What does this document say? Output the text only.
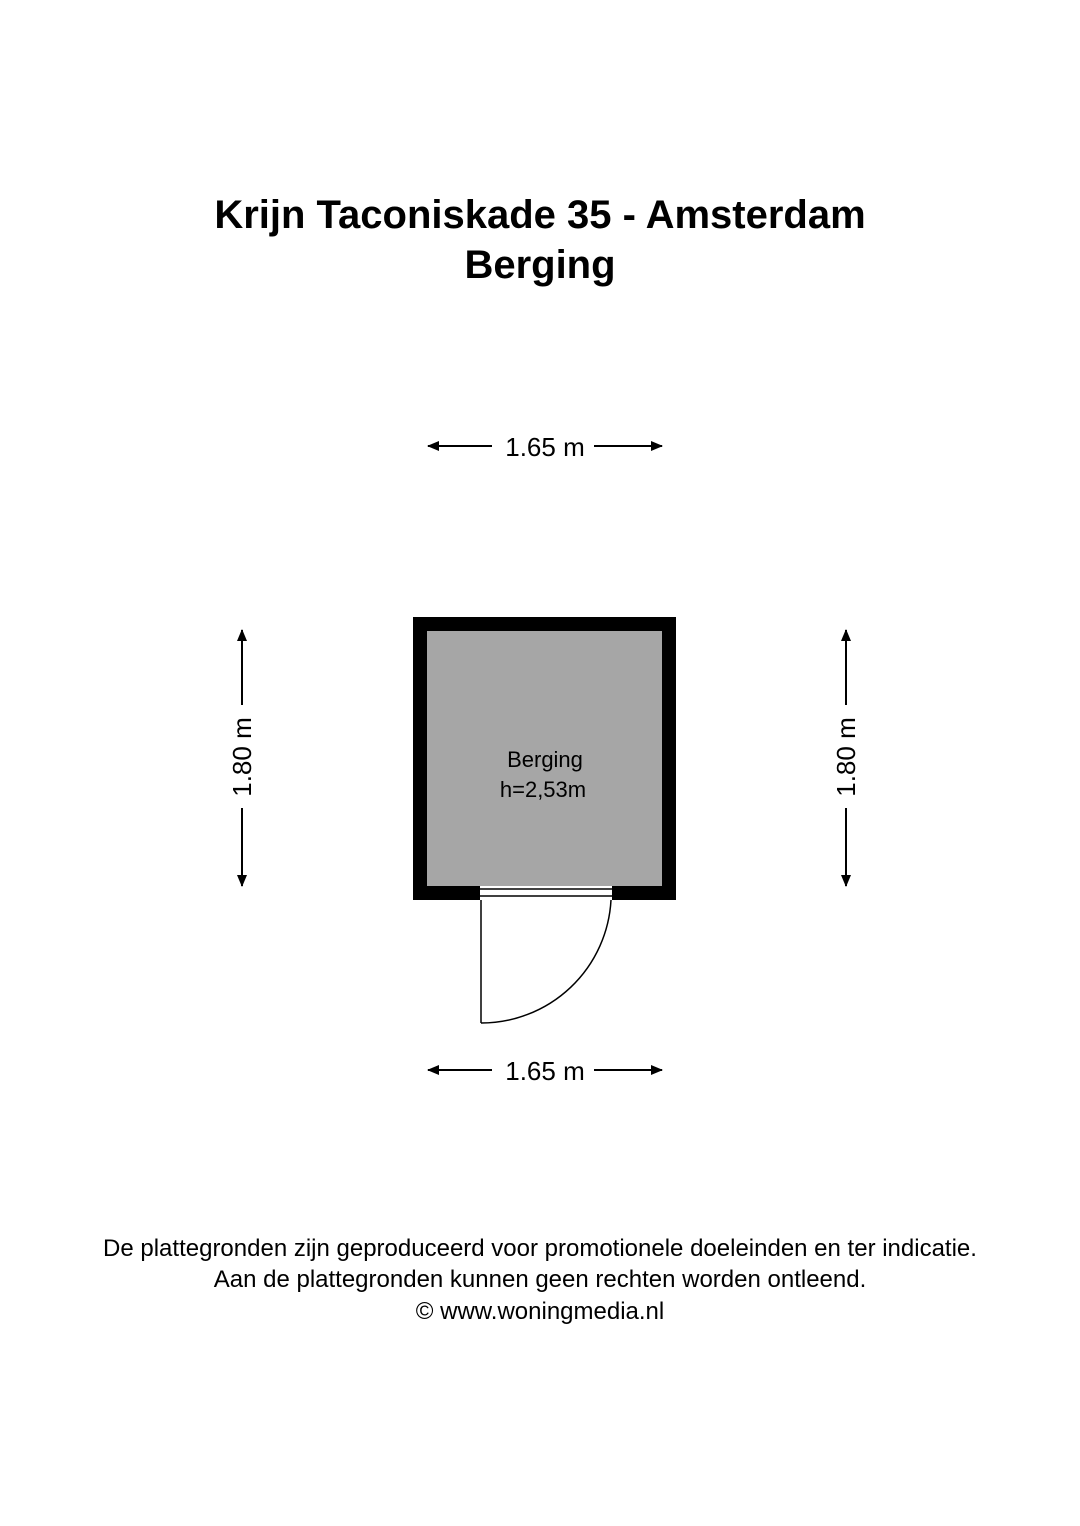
Krijn Taconiskade 35 - Amsterdam
Berging
1.65 m
1.65 m
1.80 m	1.80 m
Berging
h=2,53m
De plattegronden zijn geproduceerd voor promotionele doeleinden en ter indicatie.
Aan de plattegronden kunnen geen rechten worden ontleend.
© www.woningmedia.nl
